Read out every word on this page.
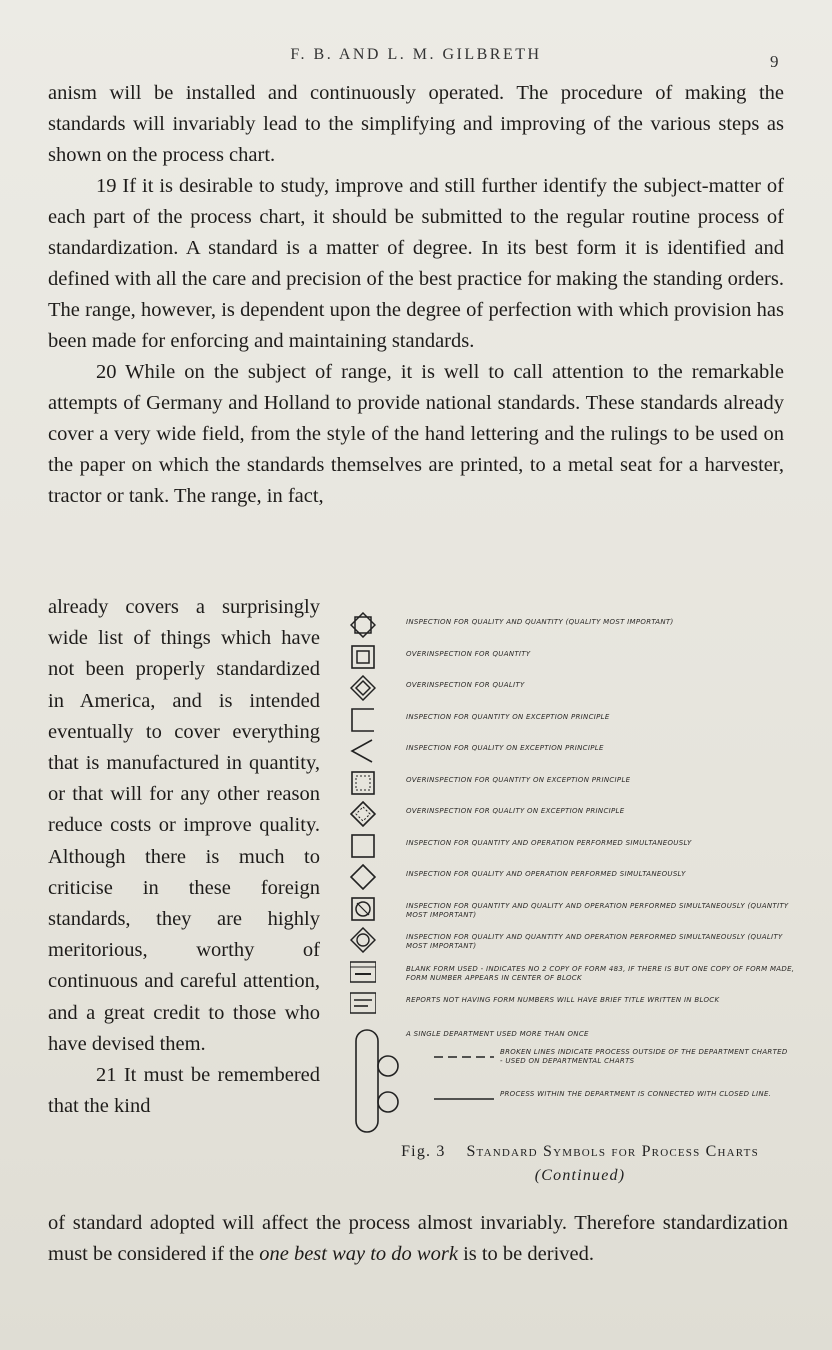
F. B. AND L. M. GILBRETH	9

anism will be installed and continuously operated. The procedure of making the standards will invariably lead to the simplifying and improving of the various steps as shown on the process chart.

19 If it is desirable to study, improve and still further identify the subject-matter of each part of the process chart, it should be submitted to the regular routine process of standardization. A standard is a matter of degree. In its best form it is identified and defined with all the care and precision of the best practice for making the standing orders. The range, however, is dependent upon the degree of perfection with which provision has been made for enforcing and maintaining standards.

20 While on the subject of range, it is well to call attention to the remarkable attempts of Germany and Holland to provide national standards. These standards already cover a very wide field, from the style of the hand lettering and the rulings to be used on the paper on which the standards themselves are printed, to a metal seat for a harvester, tractor or tank. The range, in fact,

already covers a surprisingly wide list of things which have not been properly standardized in America, and is intended eventually to cover everything that is manufactured in quantity, or that will for any other reason reduce costs or improve quality. Although there is much to criticise in these foreign standards, they are highly meritorious, worthy of continuous and careful attention, and a great credit to those who have devised them.

21 It must be remembered that the kind

INSPECTION FOR QUALITY AND QUANTITY (QUALITY MOST IMPORTANT)
OVERINSPECTION FOR QUANTITY
OVERINSPECTION FOR QUALITY
INSPECTION FOR QUANTITY ON EXCEPTION PRINCIPLE
INSPECTION FOR QUALITY ON EXCEPTION PRINCIPLE
OVERINSPECTION FOR QUANTITY ON EXCEPTION PRINCIPLE
OVERINSPECTION FOR QUALITY ON EXCEPTION PRINCIPLE
INSPECTION FOR QUANTITY AND OPERATION PERFORMED SIMULTANEOUSLY
INSPECTION FOR QUALITY AND OPERATION PERFORMED SIMULTANEOUSLY
INSPECTION FOR QUANTITY AND QUALITY AND OPERATION PERFORMED SIMULTANEOUSLY (QUANTITY MOST IMPORTANT)
INSPECTION FOR QUALITY AND QUANTITY AND OPERATION PERFORMED SIMULTANEOUSLY (QUALITY MOST IMPORTANT)
BLANK FORM USED - INDICATES NO 2 COPY OF FORM 483, IF THERE IS BUT ONE COPY OF FORM MADE, FORM NUMBER APPEARS IN CENTER OF BLOCK
REPORTS NOT HAVING FORM NUMBERS WILL HAVE BRIEF TITLE WRITTEN IN BLOCK
A SINGLE DEPARTMENT USED MORE THAN ONCE
BROKEN LINES INDICATE PROCESS OUTSIDE OF THE DEPARTMENT CHARTED - USED ON DEPARTMENTAL CHARTS
PROCESS WITHIN THE DEPARTMENT IS CONNECTED WITH CLOSED LINE.
Fig. 3 Standard Symbols for Process Charts (Continued)
of standard adopted will affect the process almost invariably. Therefore standardization must be considered if the one best way to do work is to be derived.
